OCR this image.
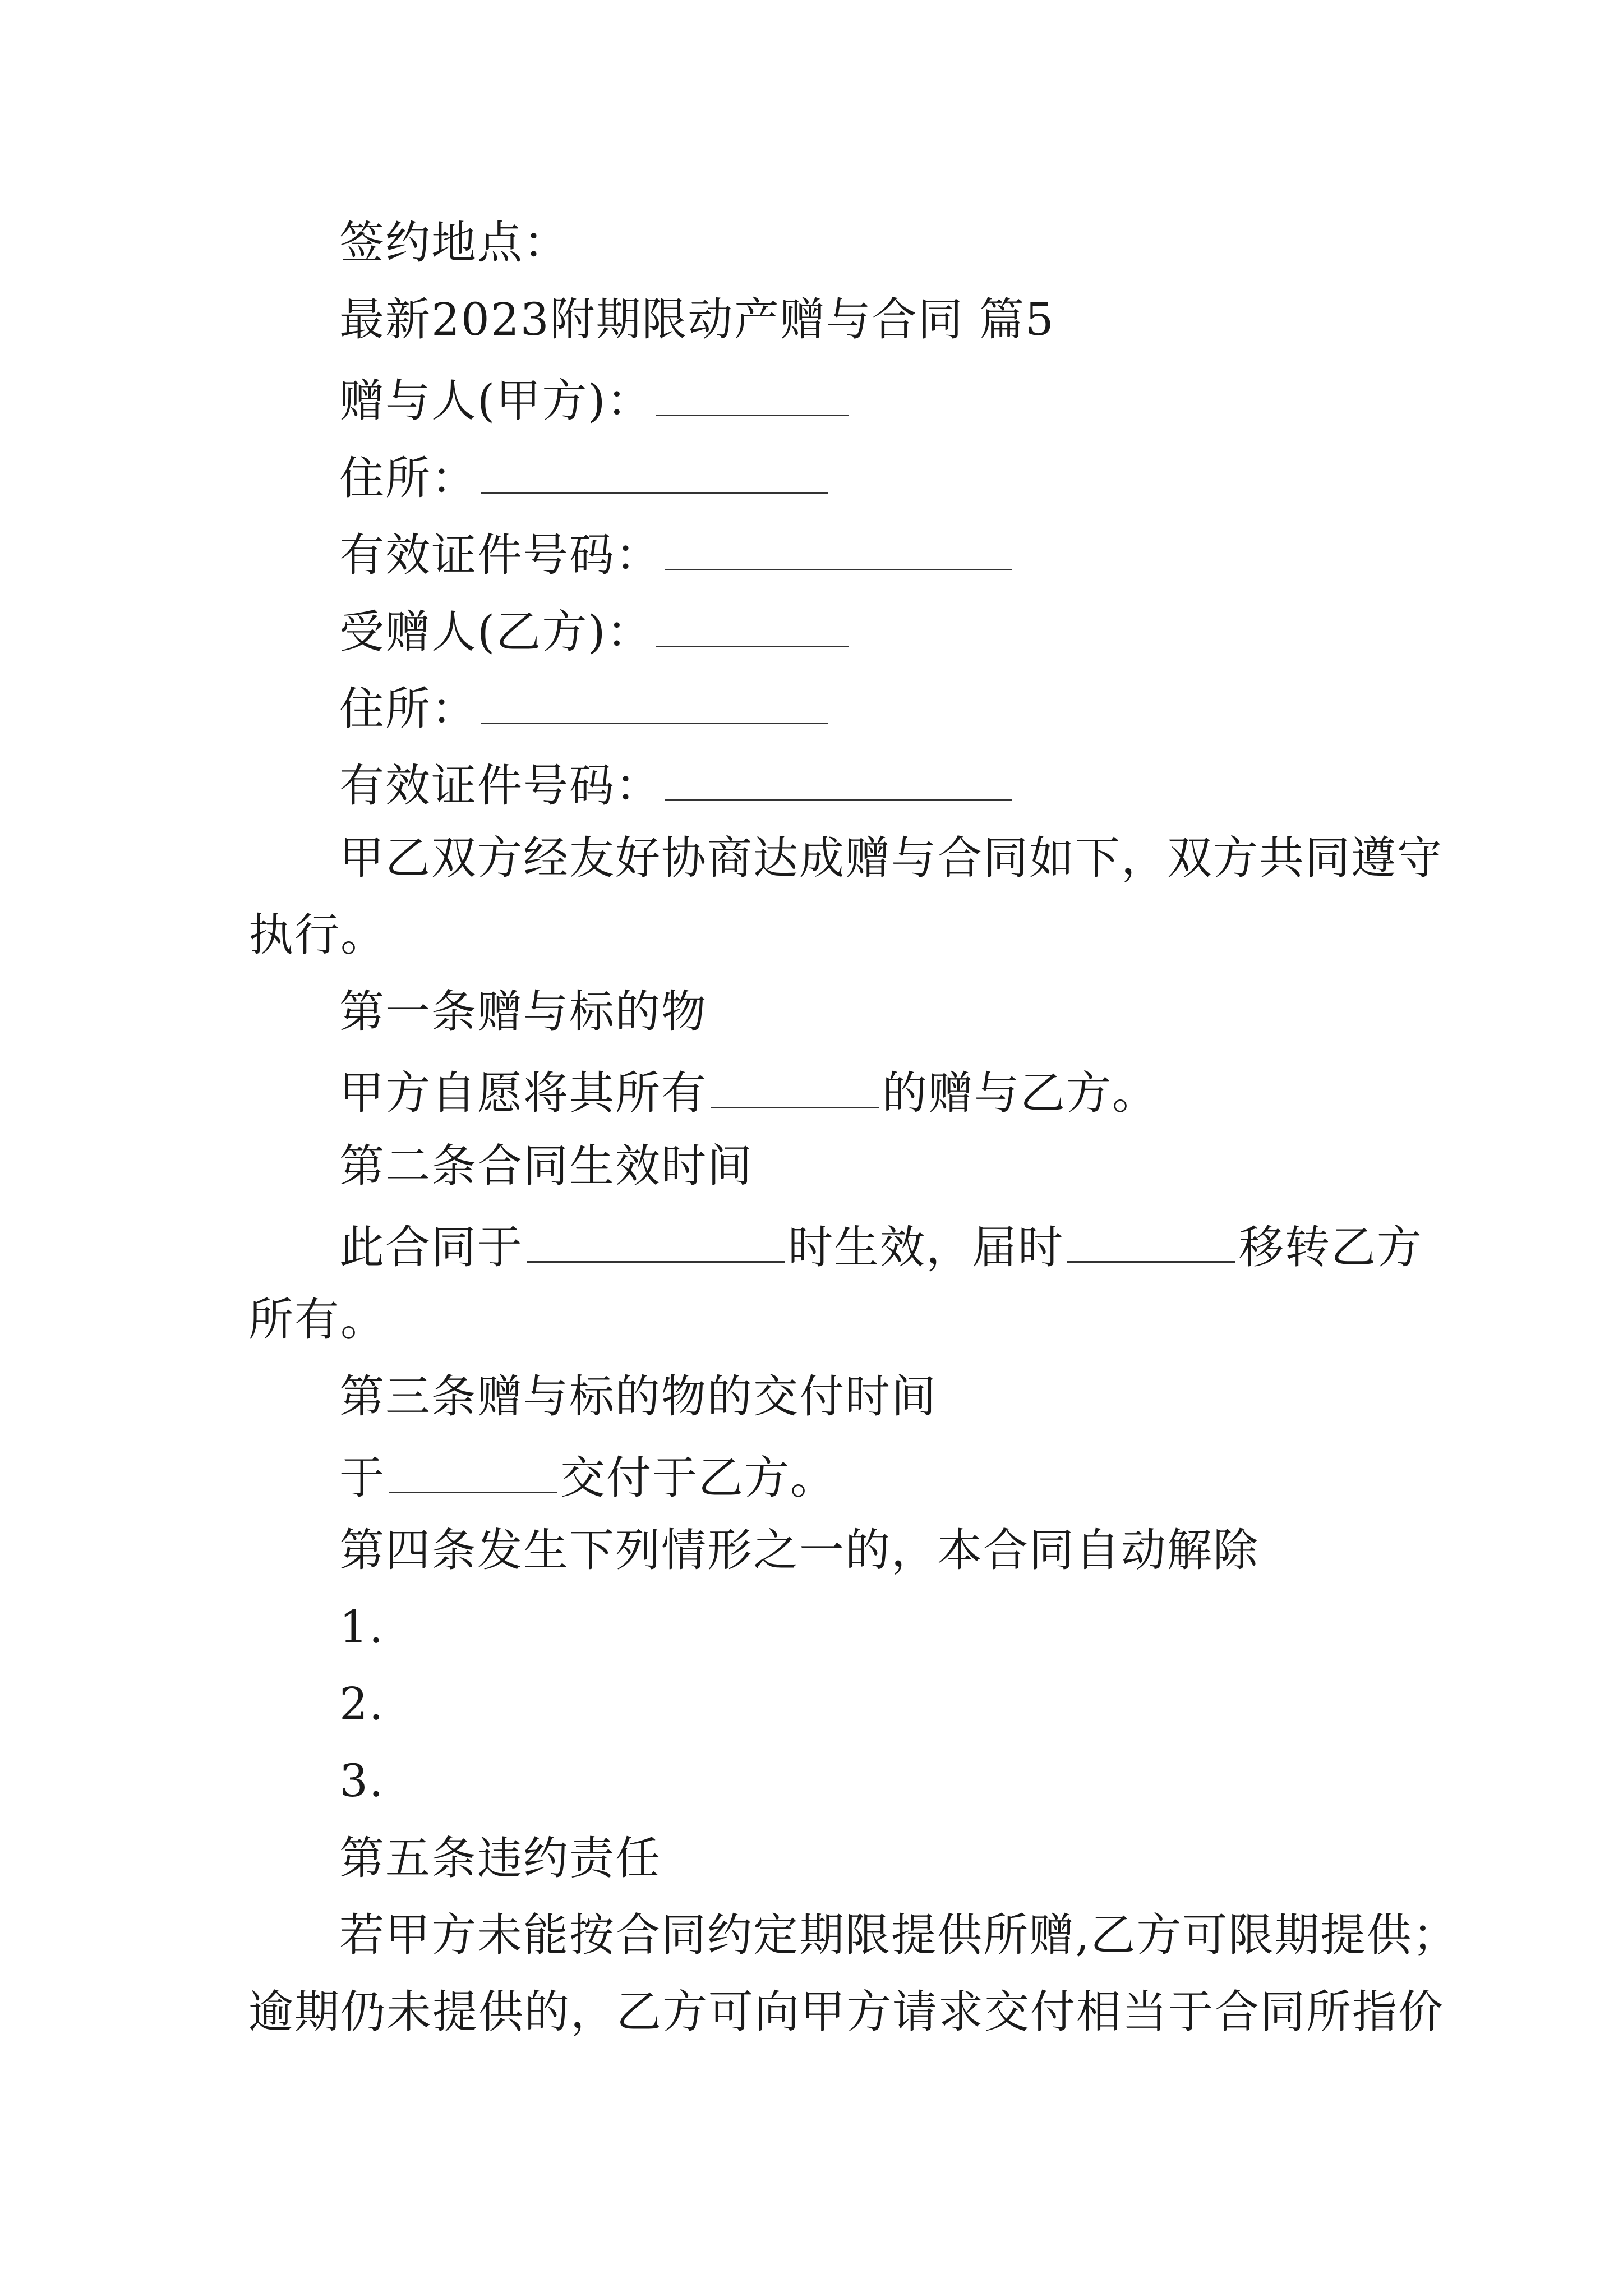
签约地点：
最新2023附期限动产赠与合同 篇5
赠与人(甲方)：
住所：
有效证件号码：
受赠人(乙方)：
住所：
有效证件号码：
甲乙双方经友好协商达成赠与合同如下，双方共同遵守
执行。
第一条赠与标的物
甲方自愿将其所有	的赠与乙方。
第二条合同生效时间
此合同于	时生效，届时	移转乙方
所有。
第三条赠与标的物的交付时间
于	交付于乙方。
第四条发生下列情形之一的，本合同自动解除
1.
2.
3.
第五条违约责任
若甲方未能按合同约定期限提供所赠,乙方可限期提供；
逾期仍未提供的，乙方可向甲方请求交付相当于合同所指价
